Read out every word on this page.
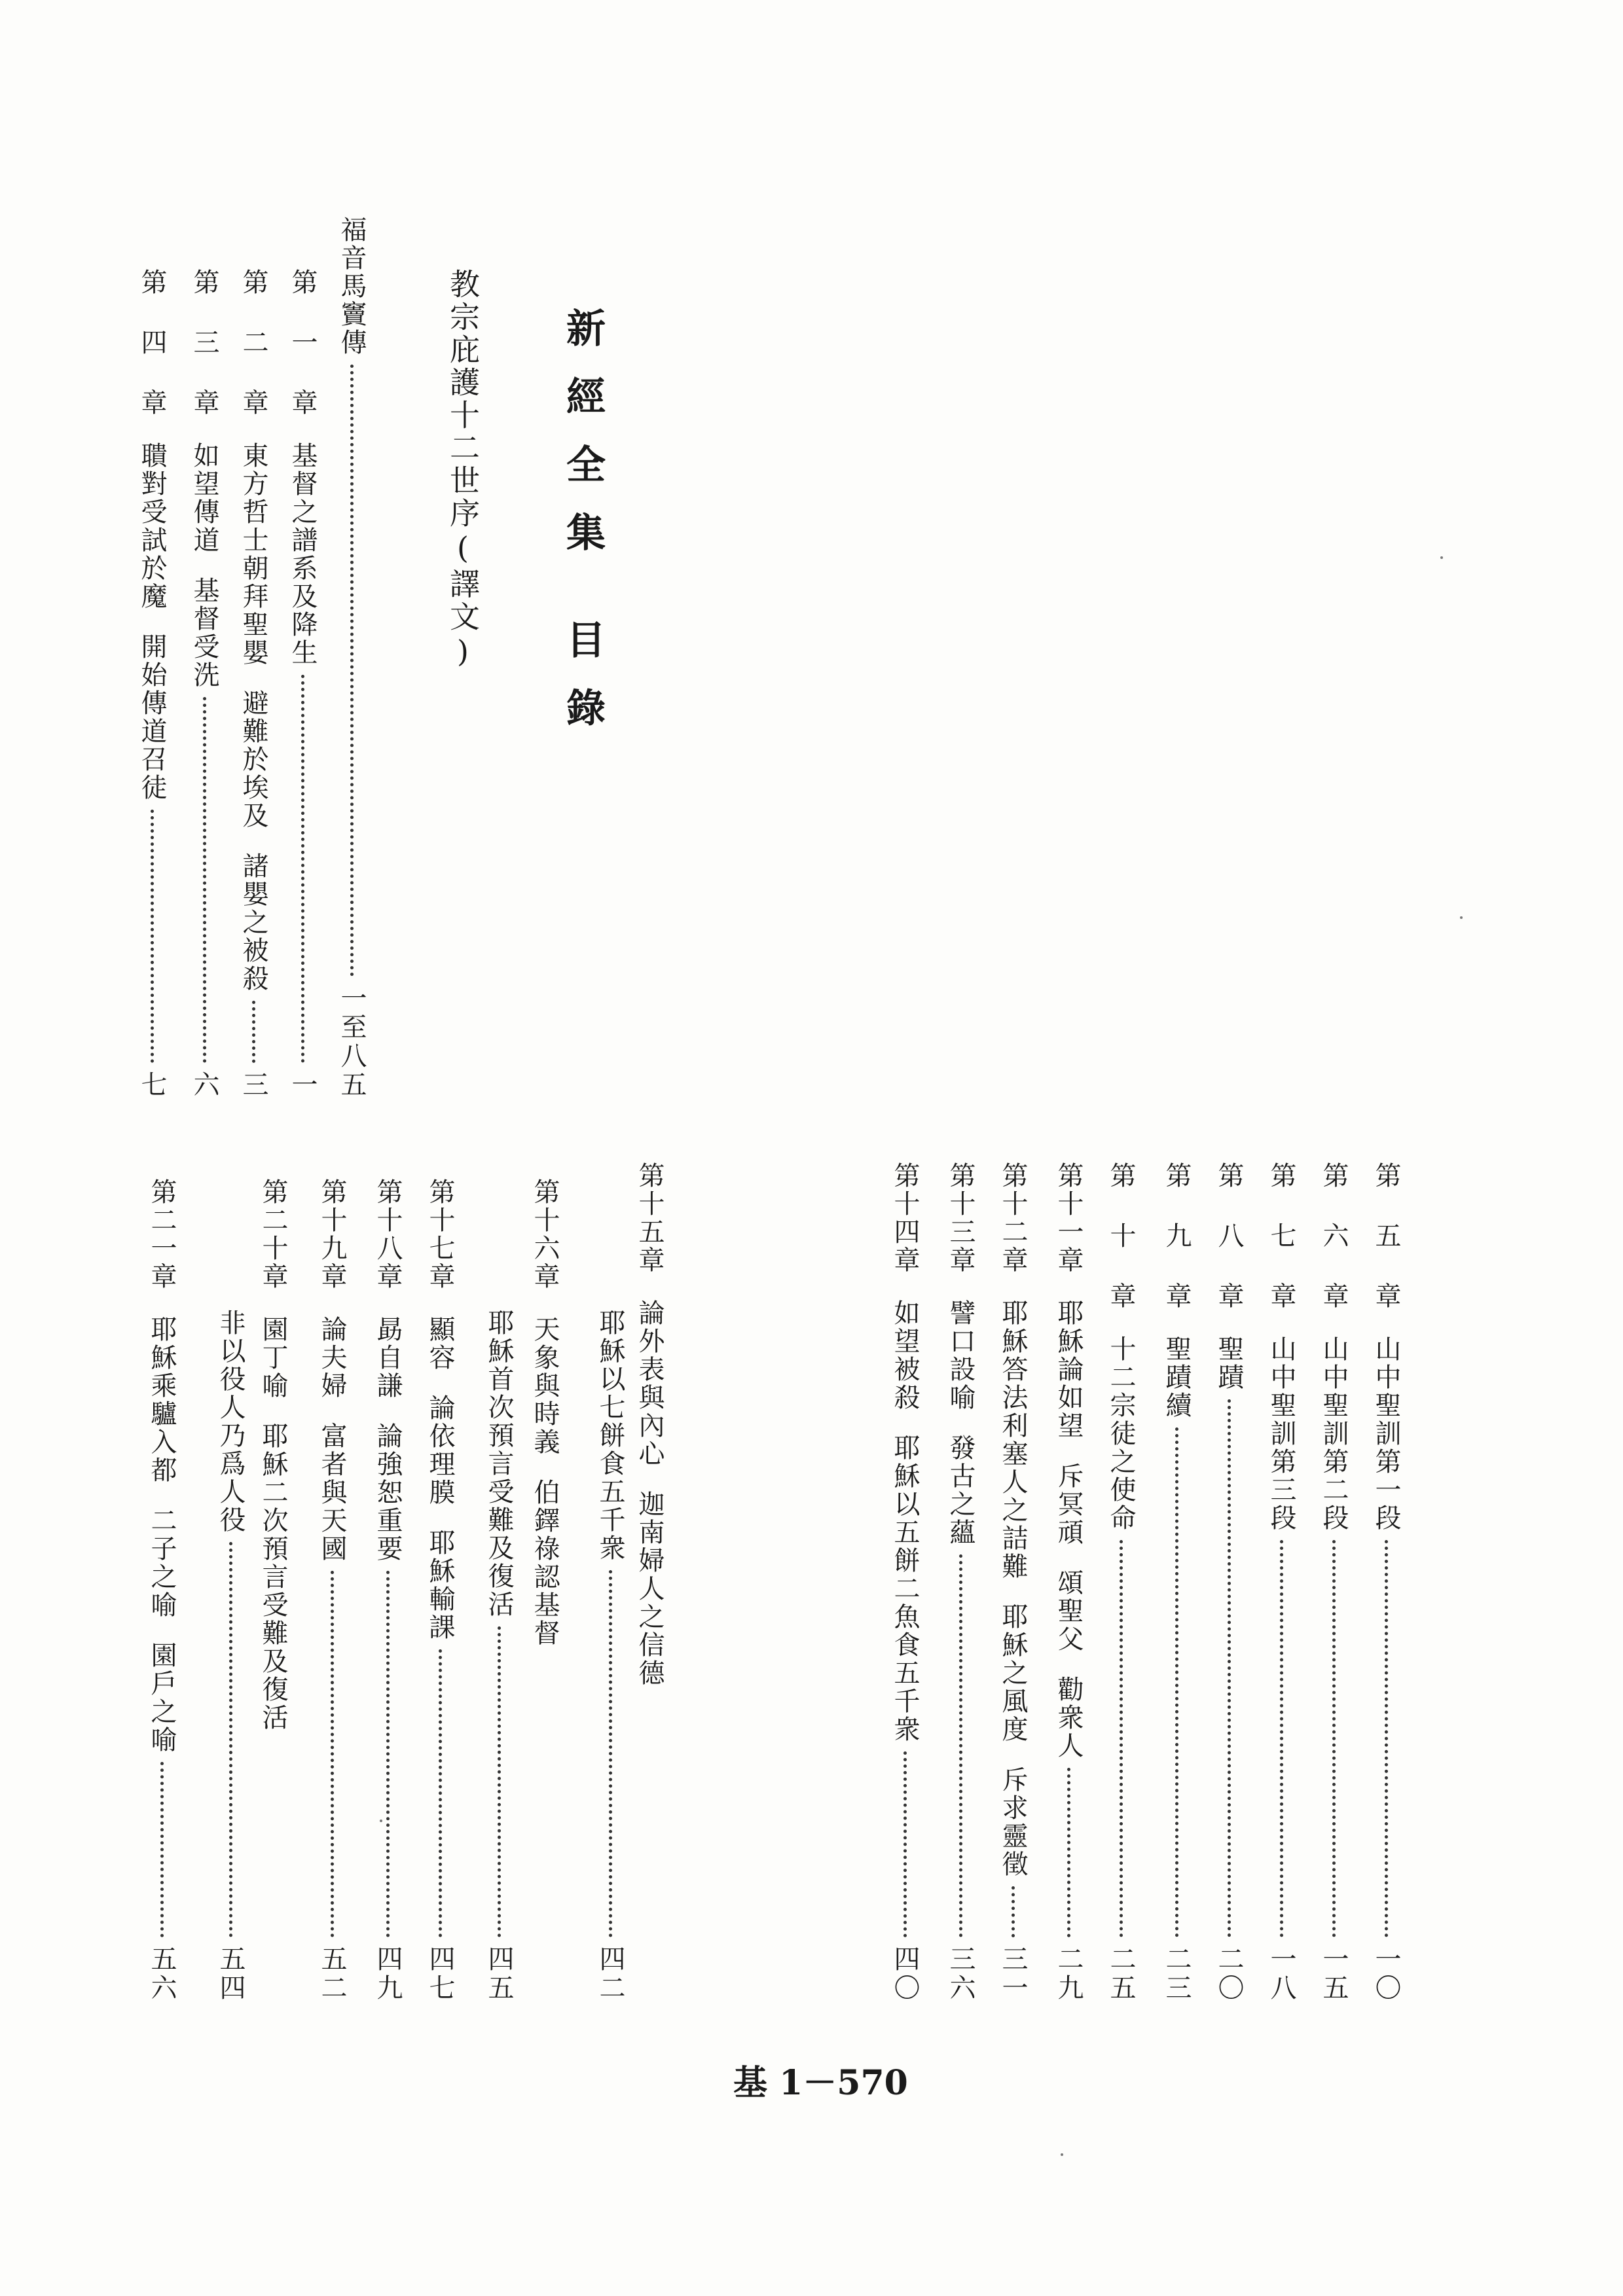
新經全集
目錄
教宗庇護十二世序(譯文)
福音馬竇傳
一至八五
第 一 章
基督之譜系及降生
一
第 二 章
東方哲士朝拜聖嬰
避難於埃及
諸嬰之被殺
三
第 三 章
如望傳道
基督受洗
六
第 四 章
聵對受試於魔
開始傳道召徒
七
第 五 章
山中聖訓第一段
一〇
第 六 章
山中聖訓第二段
一五
第 七 章
山中聖訓第三段
一八
第 八 章
聖蹟
二〇
第 九 章
聖蹟續
二三
第 十 章
十二宗徒之使命
二五
第十一章
耶穌論如望
斥冥頑
頌聖父
勸衆人
二九
第十二章
耶穌答法利塞人之詰難
耶穌之風度
斥求靈徵
三一
第十三章
譬口設喻
發古之蘊
三六
第十四章
如望被殺
耶穌以五餅二魚食五千衆
四〇
第十五章
論外表與內心
迦南婦人之信德
耶穌以七餅食五千衆
四二
第十六章
天象與時義
伯鐸祿認基督
耶穌首次預言受難及復活
四五
第十七章
顯容
論依理膜
耶穌輸課
四七
第十八章
勗自謙
論強恕重要
四九
第十九章
論夫婦
富者與天國
五二
第二十章
園丁喻
耶穌二次預言受難及復活
非以役人乃爲人役
五四
第二一章
耶穌乘驢入都
二子之喻
園戶之喻
五六
基 1－570
